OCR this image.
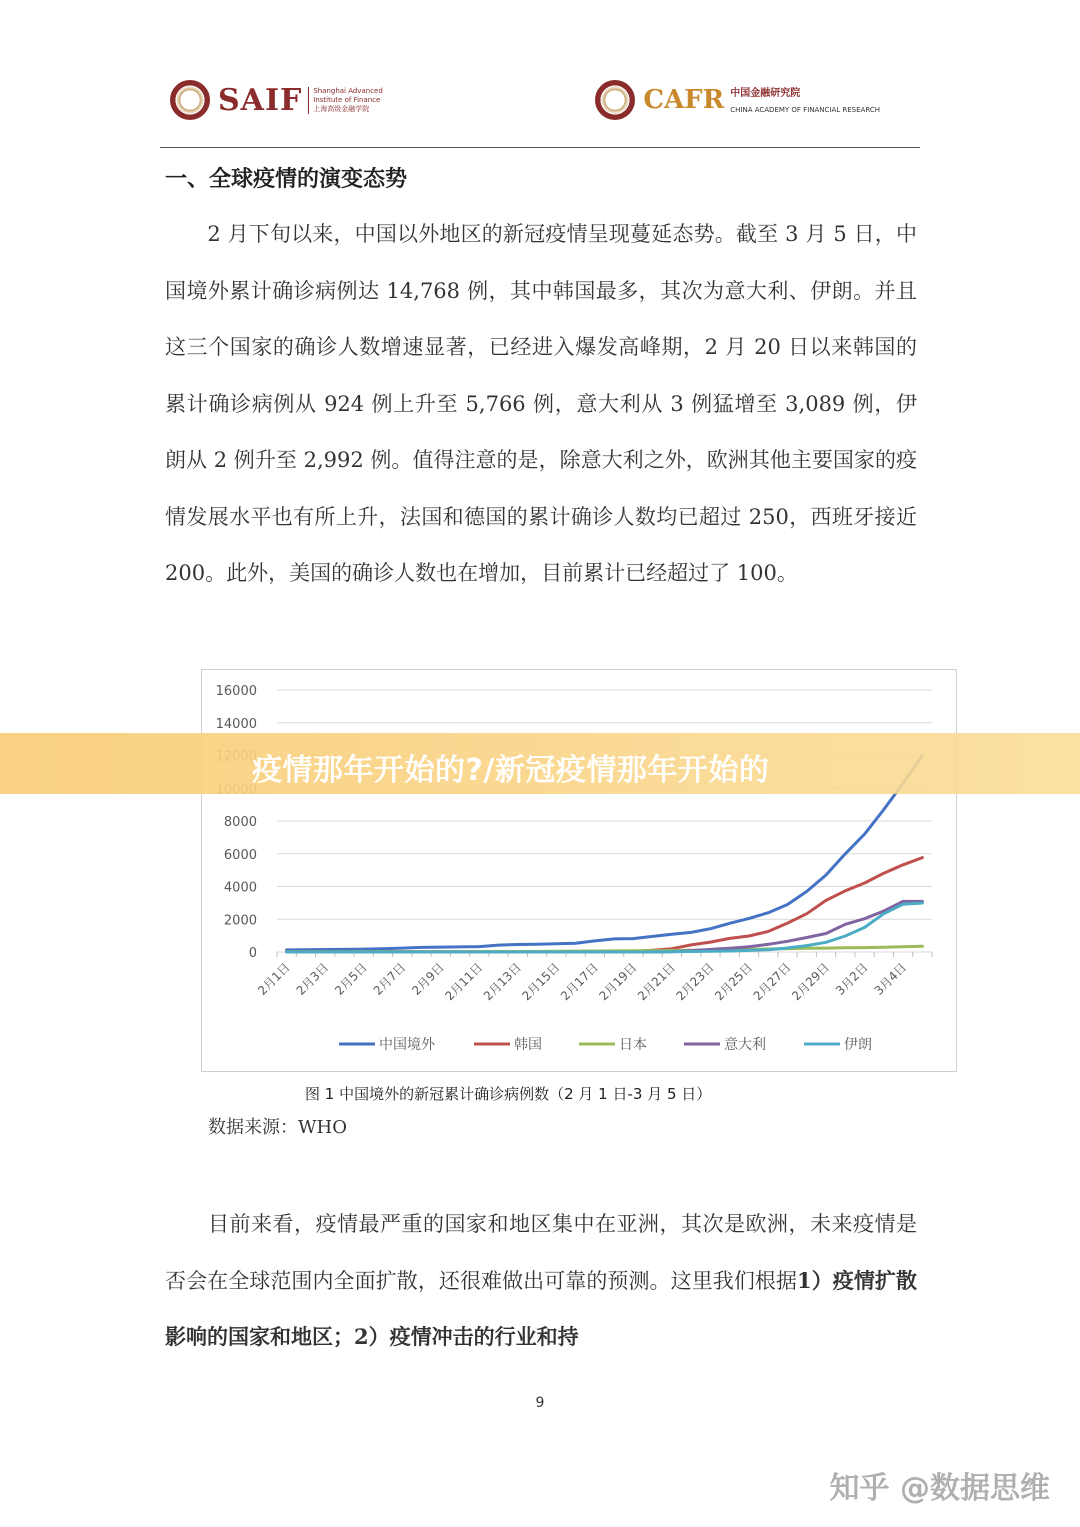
SAIF Shanghai Advanced
Institute of Finance
上海高级金融学院	CAFR 中国金融研究院
CHINA ACADEMY OF FINANCIAL RESEARCH
一、全球疫情的演变态势
　　2 月下旬以来，中国以外地区的新冠疫情呈现蔓延态势。截至 3 月 5 日，中国境外累计确诊病例达 14,768 例，其中韩国最多，其次为意大利、伊朗。并且这三个国家的确诊人数增速显著，已经进入爆发高峰期，2 月 20 日以来韩国的累计确诊病例从 924 例上升至 5,766 例，意大利从 3 例猛增至 3,089 例，伊朗从 2 例升至 2,992 例。值得注意的是，除意大利之外，欧洲其他主要国家的疫情发展水平也有所上升，法国和德国的累计确诊人数均已超过 250，西班牙接近 200。此外，美国的确诊人数也在增加，目前累计已经超过了 100。
0
2000
4000
6000
8000
14000
16000
2月1日 2月3日 2月5日 2月7日 2月9日
2月11日
2月13日
2月15日
2月17日
2月19日
2月21日
2月23日
2月25日
2月27日
2月29日 3月2日 3月4日
中国境外	韩国	日本	意大利	伊朗
图 1 中国境外的新冠累计确诊病例数（2 月 1 日-3 月 5 日）
数据来源：WHO
　　目前来看，疫情最严重的国家和地区集中在亚洲，其次是欧洲，未来疫情是否会在全球范围内全面扩散，还很难做出可靠的预测。这里我们根据1）疫情扩散影响的国家和地区；2）疫情冲击的行业和持
9
疫情那年开始的?/新冠疫情那年开始的
知乎 @数据思维
